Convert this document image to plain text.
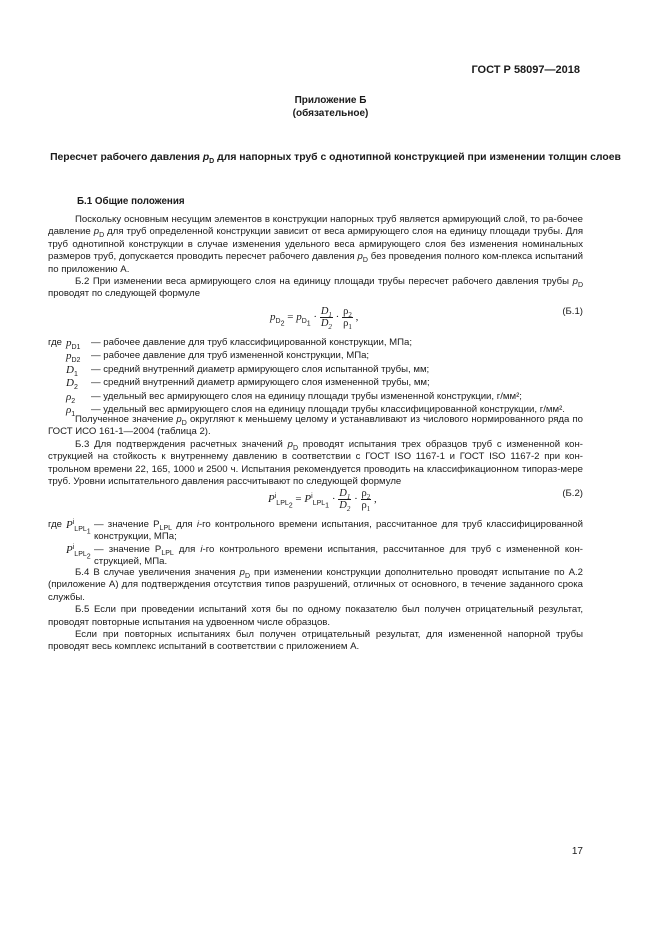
ГОСТ Р 58097—2018
Приложение Б
(обязательное)
Пересчет рабочего давления $p_D$ для напорных труб с однотипной конструкцией при изменении толщин слоев
Б.1 Общие положения

Поскольку основным несущим элементов в конструкции напорных труб является армирующий слой, то ра-бочее давление $p_D$ для труб определенной конструкции зависит от веса армирующего слоя на единицу площади трубы. Для труб однотипной конструкции в случае изменения удельного веса армирующего слоя без изменения номинальных размеров труб, допускается проводить пересчет рабочего давления $p_D$ без проведения полного ком-плекса испытаний по приложению А.

Б.2 При изменении веса армирующего слоя на единицу площади трубы пересчет рабочего давления трубы $p_D$ проводят по следующей формуле

$p_{D_2} = p_{D_1} \cdot \frac{D_1}{D_2} \cdot \frac{\rho_2}{\rho_1}$ ,	(Б.1)
где $p_{D1}$	— рабочее давление для труб классифицированной конструкции, МПа;
$p_{D2}$	— рабочее давление для труб измененной конструкции, МПа;
$D_1$	— средний внутренний диаметр армирующего слоя испытанной трубы, мм;
$D_2$	— средний внутренний диаметр армирующего слоя измененной трубы, мм;
$\rho_2$	— удельный вес армирующего слоя на единицу площади трубы измененной конструкции, г/мм²;
$\rho_1$	— удельный вес армирующего слоя на единицу площади трубы классифицированной конструкции, г/мм².

Полученное значение $p_D$ округляют к меньшему целому и устанавливают из числового нормированного ряда по ГОСТ ИСО 161-1—2004 (таблица 2).

Б.3 Для подтверждения расчетных значений $p_D$ проводят испытания трех образцов труб с измененной кон-струкцией на стойкость к внутреннему давлению в соответствии с ГОСТ ISO 1167-1 и ГОСТ ISO 1167-2 при кон-трольном времени 22, 165, 1000 и 2500 ч. Испытания рекомендуется проводить на классификационном типораз-мере труб. Уровни испытательного давления рассчитывают по следующей формуле

$P^i_{LPL_2} = P^i_{LPL_1} \cdot \frac{D_1}{D_2} \cdot \frac{\rho_2}{\rho_1}$ ,	(Б.2)
где $P^i_{LPL_1}$
— значение $P_{LPL}$ для i-го контрольного времени испытания, рассчитанное для труб классифицированной конструкции, МПа;
$P^i_{LPL_2}$
— значение $P_{LPL}$ для i-го контрольного времени испытания, рассчитанное для труб с измененной кон-струкцией, МПа.

Б.4 В случае увеличения значения $p_D$ при изменении конструкции дополнительно проводят испытание по А.2 (приложение А) для подтверждения отсутствия типов разрушений, отличных от основного, в течение заданного срока службы.

Б.5 Если при проведении испытаний хотя бы по одному показателю был получен отрицательный результат, проводят повторные испытания на удвоенном числе образцов.

Если при повторных испытаниях был получен отрицательный результат, для измененной напорной трубы проводят весь комплекс испытаний в соответствии с приложением А.

17
